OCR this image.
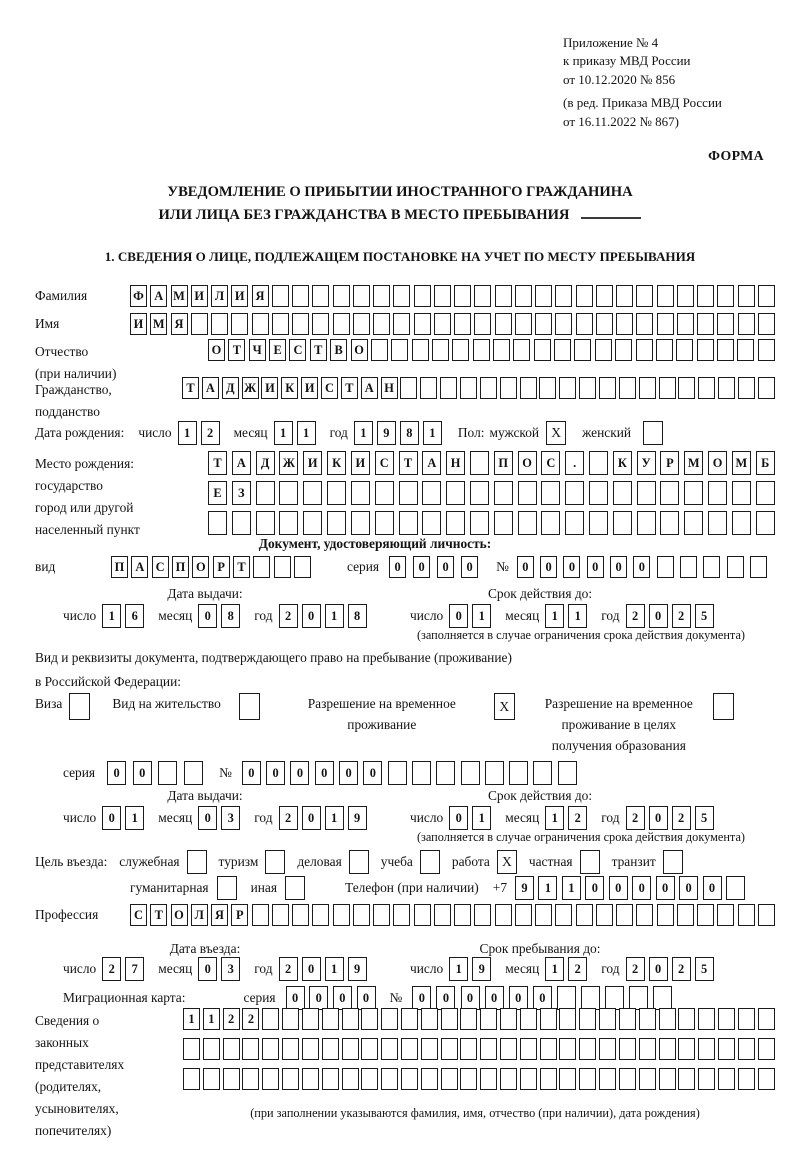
Приложение № 4
к приказу МВД России
от 10.12.2020 № 856
(в ред. Приказа МВД России
от 16.11.2022 № 867)
ФОРМА
УВЕДОМЛЕНИЕ О ПРИБЫТИИ ИНОСТРАННОГО ГРАЖДАНИНА
ИЛИ ЛИЦА БЕЗ ГРАЖДАНСТВА В МЕСТО ПРЕБЫВАНИЯ
1. СВЕДЕНИЯ О ЛИЦЕ, ПОДЛЕЖАЩЕМ ПОСТАНОВКЕ НА УЧЕТ ПО МЕСТУ ПРЕБЫВАНИЯ
Фамилия	Ф А М И Л И Я
Имя	И М Я
Отчество
(при наличии)
О Т Ч Е С Т В О
Гражданство,
подданство
Т А Д Ж И К И С Т А Н
Дата рождения: число 1	2	месяц 1	1	год 1	9	8	1	Пол: мужской X	женский
Место рождения:
государство
город или другой
населенный пункт
Т	А	Д	Ж	И	К	И	С	Т	А	Н	П	О	С	.	К	У	Р	М	О	М	Б
Е	З
Документ, удостоверяющий личность:
вид	П А С П О Р	Т	серия	0	0	0	0	№	0	0	0	0	0	0
Дата выдачи:	Срок действия до:
число 1	6	месяц 0	8	год 2	0	1	8	число 0	1	месяц 1	1	год 2	0	2	5
(заполняется в случае ограничения срока действия документа)
Вид и реквизиты документа, подтверждающего право на пребывание (проживание)
в Российской Федерации:
Виза	Вид на жительство	Разрешение на временное
проживание
X	Разрешение на временное
проживание в целях
получения образования
серия	0	0	№	0	0	0	0	0	0
Дата выдачи:	Срок действия до:
число 0	1	месяц 0	3	год 2	0	1	9	число 0	1	месяц 1	2	год 2	0	2	5
(заполняется в случае ограничения срока действия документа)
Цель въезда: служебная	туризм	деловая	учеба	работа X	частная	транзит
гуманитарная	иная	Телефон (при наличии) +7	9	1	1	0	0	0	0	0	0
Профессия	С Т О Л Я Р
Дата въезда:	Срок пребывания до:
число 2	7	месяц 0	3	год 2	0	1	9	число 1	9	месяц 1	2	год 2	0	2	5
Миграционная карта:	серия	0	0	0	0	№	0	0	0	0	0	0
Сведения о
законных
представителях
(родителях,
усыновителях,
попечителях)
1	1	2	2
(при заполнении указываются фамилия, имя, отчество (при наличии), дата рождения)
